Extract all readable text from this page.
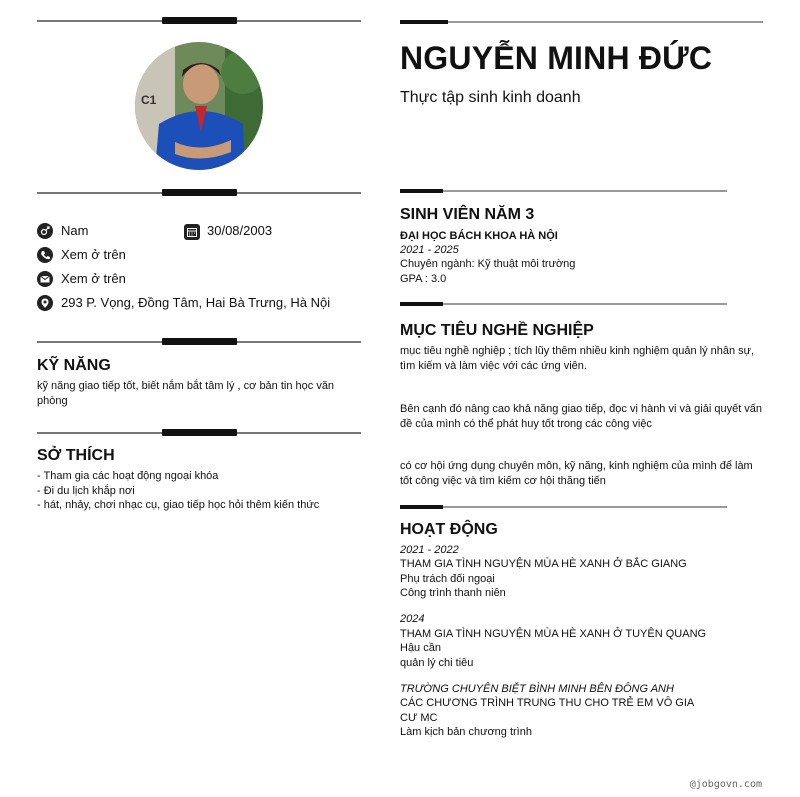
C1
Nam	30/08/2003
Xem ở trên
Xem ở trên
293 P. Vọng, Đồng Tâm, Hai Bà Trưng, Hà Nội
KỸ NĂNG
kỹ năng giao tiếp tốt, biết nắm bắt tâm lý , cơ bản tin học văn phòng
SỞ THÍCH
- Tham gia các hoạt động ngoại khóa
- Đi du lịch khắp nơi
- hát, nhảy, chơi nhạc cụ, giao tiếp học hỏi thêm kiến thức
NGUYỄN MINH ĐỨC
Thực tập sinh kinh doanh
SINH VIÊN NĂM 3
ĐẠI HỌC BÁCH KHOA HÀ NỘI
2021 - 2025
Chuyên ngành: Kỹ thuật môi trường
GPA : 3.0
MỤC TIÊU NGHỀ NGHIỆP
mục tiêu nghề nghiệp ; tích lũy thêm nhiều kinh nghiệm quản lý nhân sự, tìm kiếm và làm việc với các ứng viên.
Bên cạnh đó nâng cao khả năng giao tiếp, đọc vị hành vi và giải quyết vấn đề của mình có thể phát huy tốt trong các công việc
có cơ hội ứng dụng chuyên môn, kỹ năng, kinh nghiệm của mình để làm tốt công việc và tìm kiếm cơ hội thăng tiến
HOẠT ĐỘNG
2021 - 2022
THAM GIA TÌNH NGUYỆN MÙA HÈ XANH Ở BẮC GIANG
Phụ trách đối ngoại
Công trình thanh niên
2024
THAM GIA TÌNH NGUYỆN MÙA HÈ XANH Ở TUYÊN QUANG
Hậu cần
quản lý chi tiêu
TRƯỜNG CHUYÊN BIỆT BÌNH MINH BÊN ĐÔNG ANH
CÁC CHƯƠNG TRÌNH TRUNG THU CHO TRẺ EM VÔ GIA CƯ MC
Làm kịch bản chương trình
@jobgovn.com
